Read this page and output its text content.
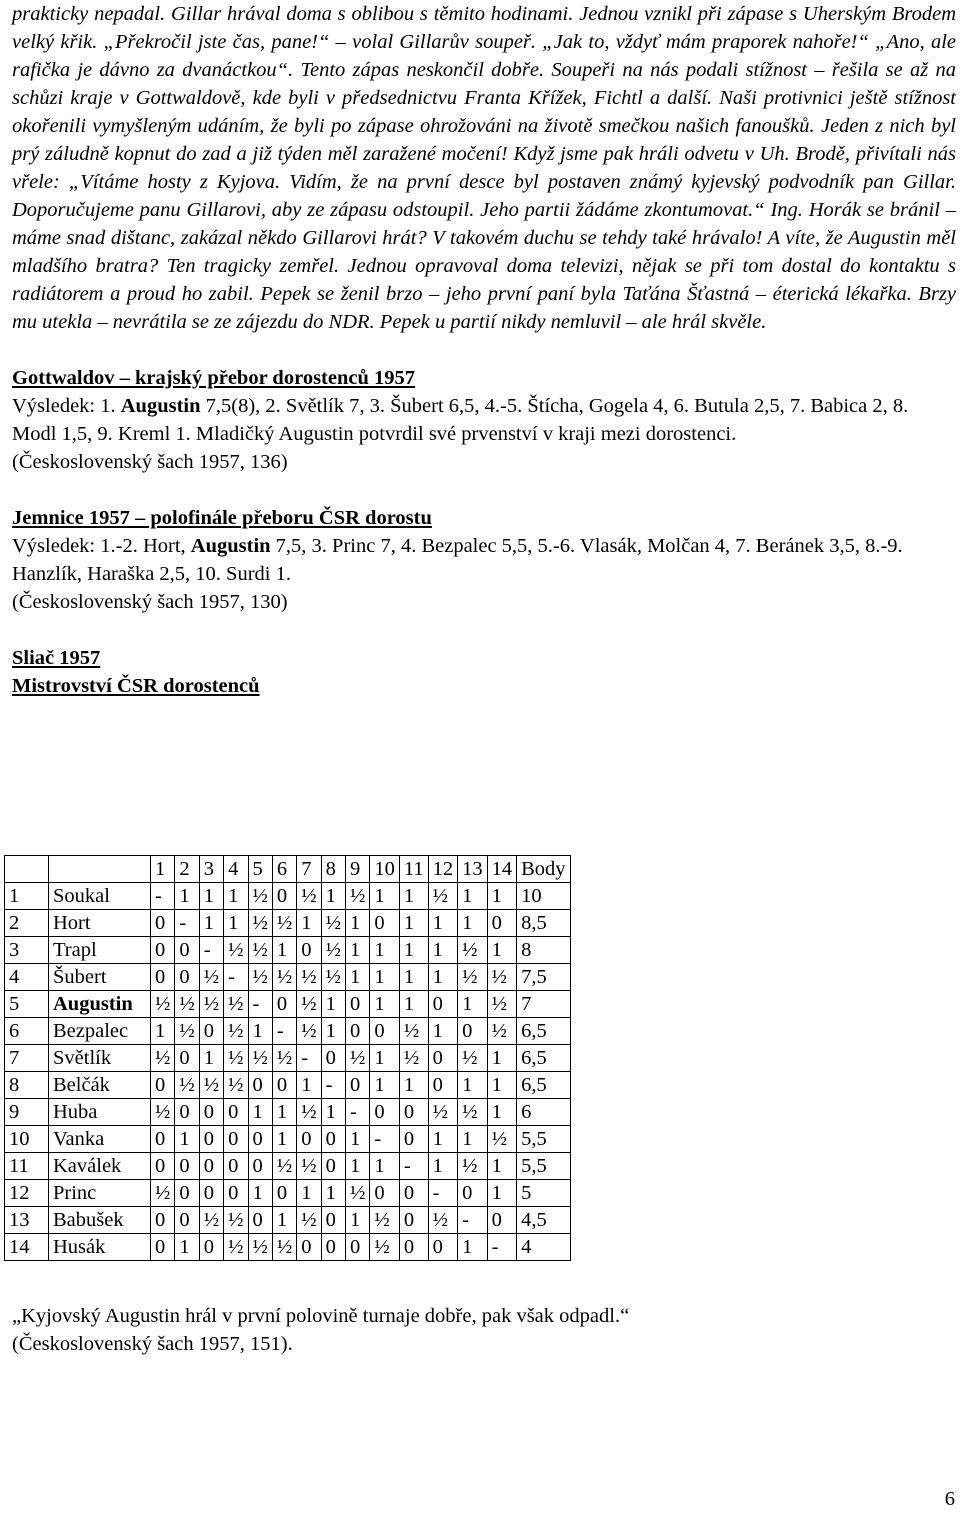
prakticky nepadal. Gillar hrával doma s oblibou s těmito hodinami. Jednou vznikl při zápase s Uherským Brodem velký křik. „Překročil jste čas, pane!“ – volal Gillarův soupeř. „Jak to, vždyť mám praporek nahoře!“ „Ano, ale rafička je dávno za dvanáctkou“. Tento zápas neskončil dobře. Soupeři na nás podali stížnost – řešila se až na schůzi kraje v Gottwaldově, kde byli v předsednictvu Franta Křížek, Fichtl a další. Naši protivnici ještě stížnost okořenili vymyšleným udáním, že byli po zápase ohrožováni na životě smečkou našich fanoušků. Jeden z nich byl prý záludně kopnut do zad a již týden měl zaražené močení! Když jsme pak hráli odvetu v Uh. Brodě, přivítali nás vřele: „Vítáme hosty z Kyjova. Vidím, že na první desce byl postaven známý kyjevský podvodník pan Gillar. Doporučujeme panu Gillarovi, aby ze zápasu odstoupil. Jeho partii žádáme zkontumovat.“ Ing. Horák se bránil – máme snad dištanc, zakázal někdo Gillarovi hrát? V takovém duchu se tehdy také hrávalo! A víte, že Augustin měl mladšího bratra? Ten tragicky zemřel. Jednou opravoval doma televizi, nějak se při tom dostal do kontaktu s radiátorem a proud ho zabil. Pepek se ženil brzo – jeho první paní byla Taťána Šťastná – éterická lékařka. Brzy mu utekla – nevrátila se ze zájezdu do NDR. Pepek u partií nikdy nemluvil – ale hrál skvěle.

Gottwaldov – krajský přebor dorostenců 1957
Výsledek: 1. Augustin 7,5(8), 2. Světlík 7, 3. Šubert 6,5, 4.-5. Štícha, Gogela 4, 6. Butula 2,5, 7. Babica 2, 8. Modl 1,5, 9. Kreml 1. Mladičký Augustin potvrdil své prvenství v kraji mezi dorostenci.
(Československý šach 1957, 136)
Jemnice 1957 – polofinále přeboru ČSR dorostu
Výsledek: 1.-2. Hort, Augustin 7,5, 3. Princ 7, 4. Bezpalec 5,5, 5.-6. Vlasák, Molčan 4, 7. Beránek 3,5, 8.-9. Hanzlík, Haraška 2,5, 10. Surdi 1.
(Československý šach 1957, 130)
Sliač 1957
Mistrovství ČSR dorostenců
		1	2	3	4	5	6	7	8	9	10	11	12	13	14	Body
1	Soukal	-	1	1	1	½	0	½	1	½	1	1	½	1	1	10
2	Hort	0	-	1	1	½	½	1	½	1	0	1	1	1	0	8,5
3	Trapl	0	0	-	½	½	1	0	½	1	1	1	1	½	1	8
4	Šubert	0	0	½	-	½	½	½	½	1	1	1	1	½	½	7,5
5	Augustin	½	½	½	½	-	0	½	1	0	1	1	0	1	½	7
6	Bezpalec	1	½	0	½	1	-	½	1	0	0	½	1	0	½	6,5
7	Světlík	½	0	1	½	½	½	-	0	½	1	½	0	½	1	6,5
8	Belčák	0	½	½	½	0	0	1	-	0	1	1	0	1	1	6,5
9	Huba	½	0	0	0	1	1	½	1	-	0	0	½	½	1	6
10	Vanka	0	1	0	0	0	1	0	0	1	-	0	1	1	½	5,5
11	Kaválek	0	0	0	0	0	½	½	0	1	1	-	1	½	1	5,5
12	Princ	½	0	0	0	1	0	1	1	½	0	0	-	0	1	5
13	Babušek	0	0	½	½	0	1	½	0	1	½	0	½	-	0	4,5
14	Husák	0	1	0	½	½	½	0	0	0	½	0	0	1	-	4
„Kyjovský Augustin hrál v první polovině turnaje dobře, pak však odpadl.“
(Československý šach 1957, 151).
6
